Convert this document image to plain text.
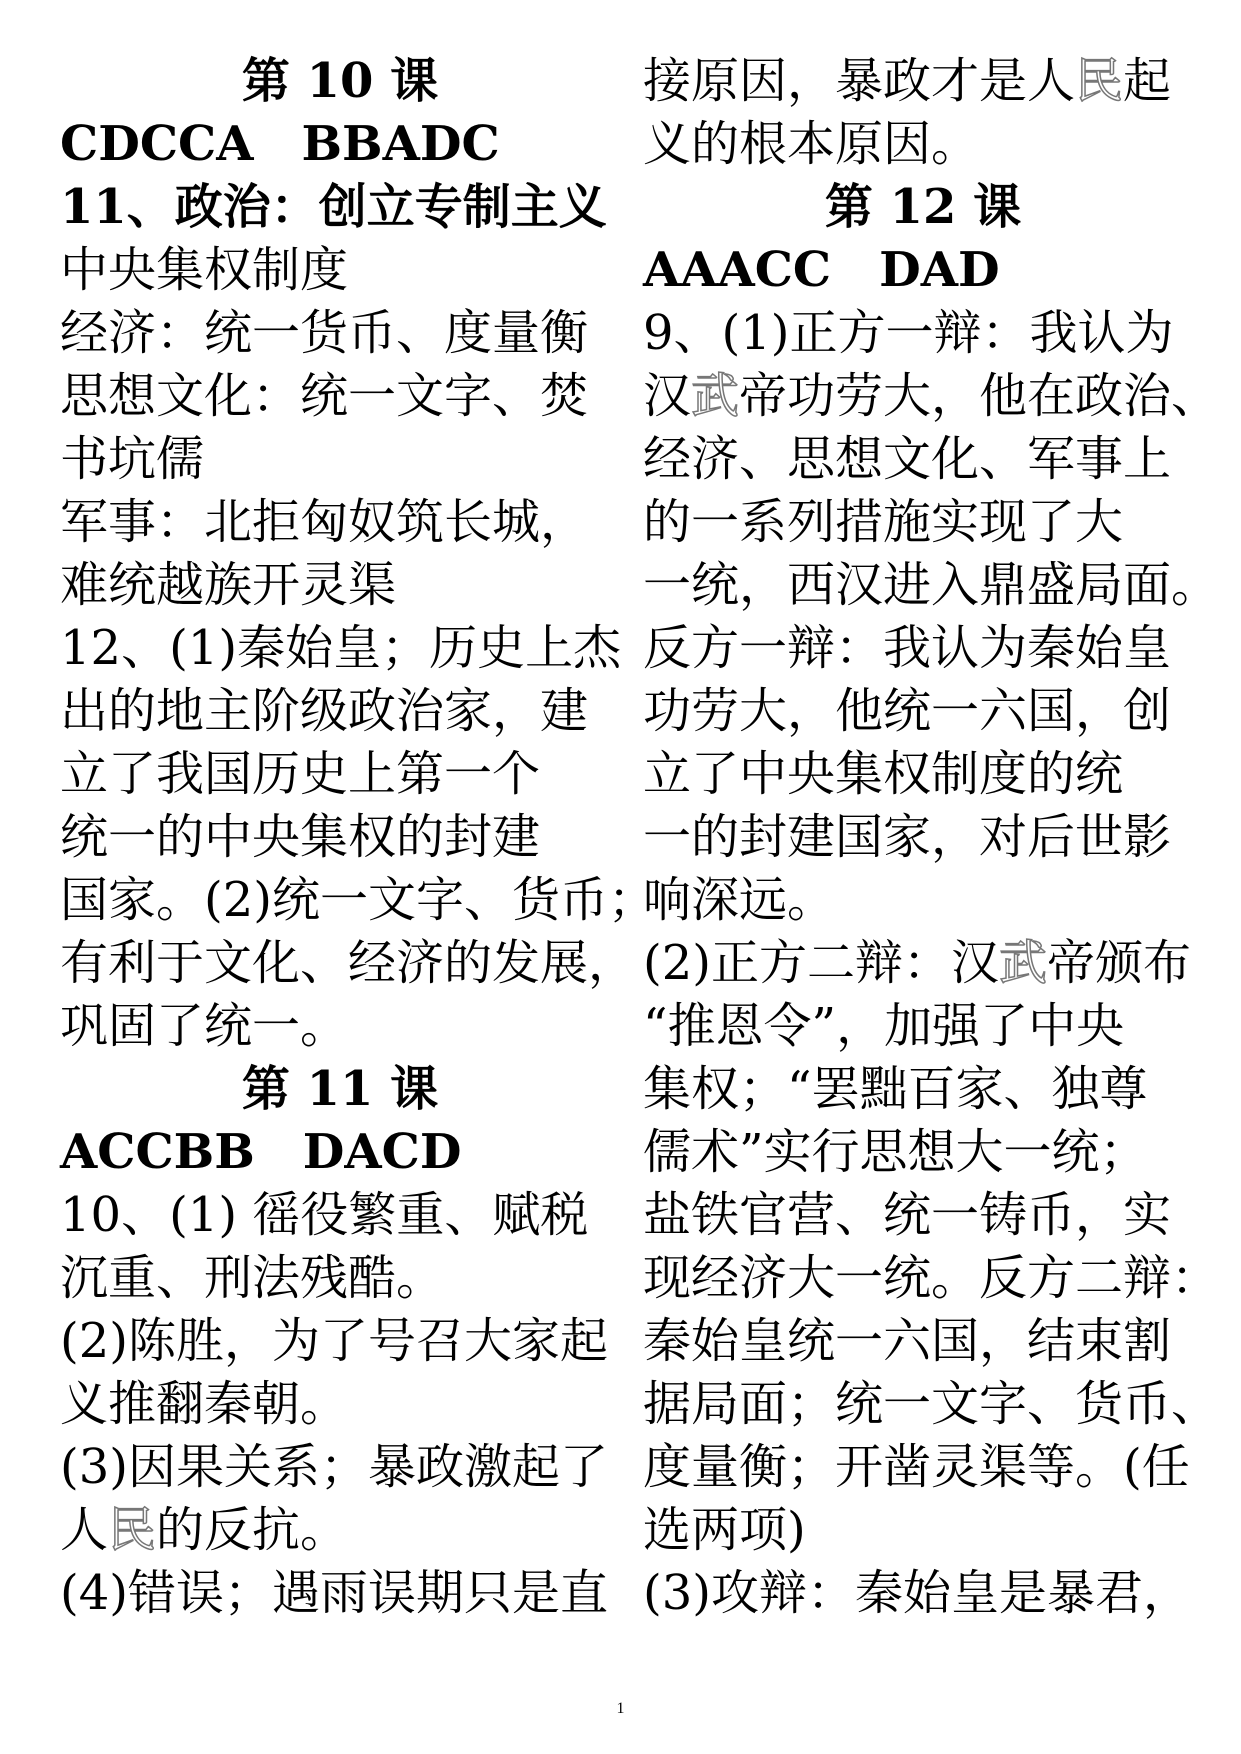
第 10 课
CDCCA　BBADC
11、政治：创立专制主义
中央集权制度
经济：统一货币、度量衡
思想文化：统一文字、焚
书坑儒
军事：北拒匈奴筑长城，
难统越族开灵渠
12、(1)秦始皇；历史上杰
出的地主阶级政治家，建
立了我国历史上第一个
统一的中央集权的封建
国家。(2)统一文字、货币；
有利于文化、经济的发展，
巩固了统一。
第 11 课
ACCBB　DACD
10、(1) 徭役繁重、赋税
沉重、刑法残酷。
(2)陈胜，为了号召大家起
义推翻秦朝。
(3)因果关系；暴政激起了
人民的反抗。
(4)错误；遇雨误期只是直
接原因，暴政才是人民起
义的根本原因。
第 12 课
AAACC　DAD
9、(1)正方一辩：我认为
汉武帝功劳大，他在政治、
经济、思想文化、军事上
的一系列措施实现了大
一统，西汉进入鼎盛局面。
反方一辩：我认为秦始皇
功劳大，他统一六国，创
立了中央集权制度的统
一的封建国家，对后世影
响深远。
(2)正方二辩：汉武帝颁布
“推恩令”，加强了中央
集权；“罢黜百家、独尊
儒术”实行思想大一统；
盐铁官营、统一铸币，实
现经济大一统。反方二辩：
秦始皇统一六国，结束割
据局面；统一文字、货币、
度量衡；开凿灵渠等。(任
选两项)
(3)攻辩：秦始皇是暴君，
1
